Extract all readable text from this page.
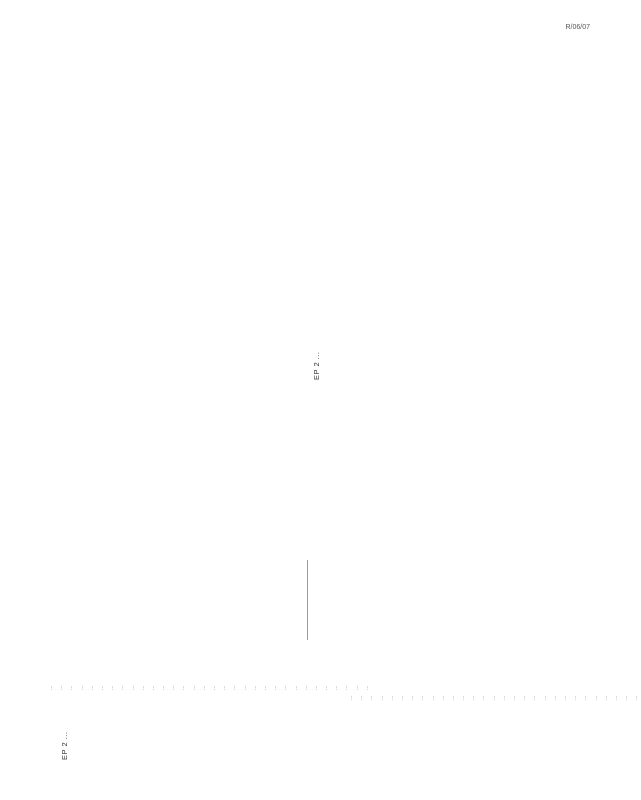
R/06/07
EP 2 ...
... ... ... ... ... ... ... ... ... ... ... ... ... ... ... ... ... ... ... ... ... ... ... ... ... ... ... ... ... ... ... ...
... ... ... ... ... ... ... ... ... ... ... ... ... ... ... ... ... ... ... ... ... ... ... ... ... ... ... ... ...
EP 2 ...
